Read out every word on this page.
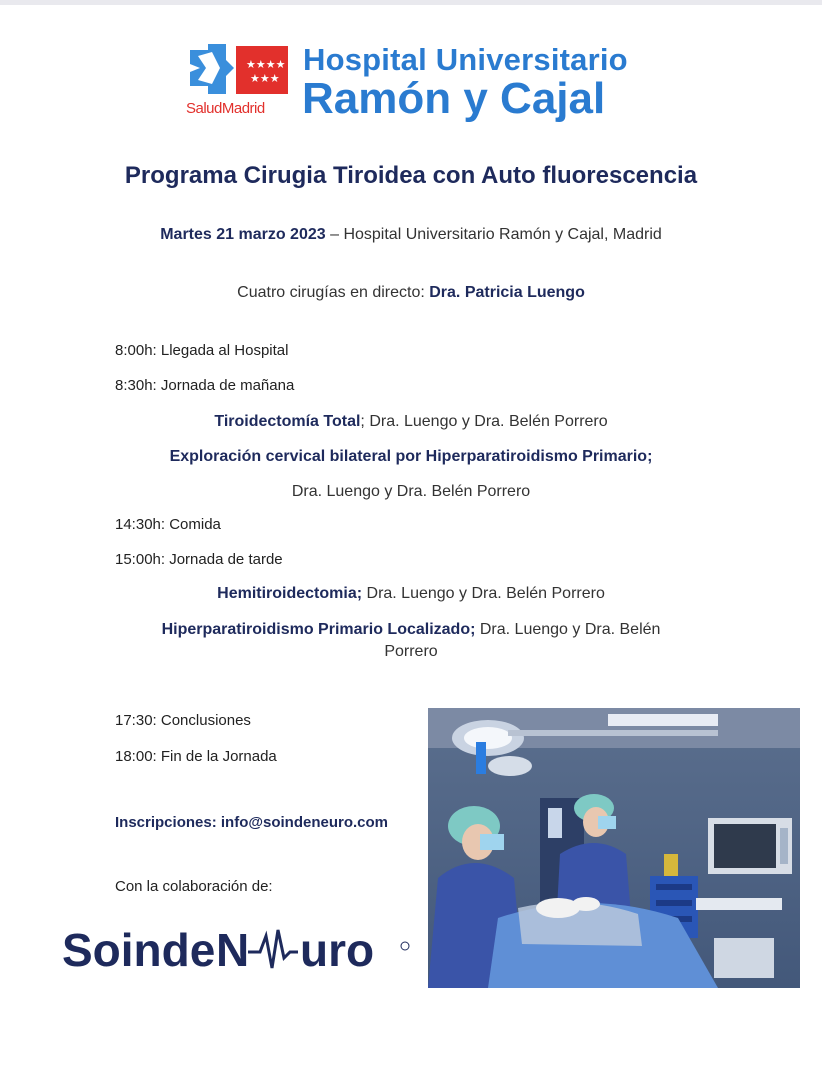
★★★★
★★★
SaludMadrid
Hospital Universitario
Ramón y Cajal
Programa Cirugia Tiroidea con Auto fluorescencia
Martes 21 marzo 2023 – Hospital Universitario Ramón y Cajal, Madrid
Cuatro cirugías en directo: Dra. Patricia Luengo
8:00h: Llegada al Hospital
8:30h: Jornada de mañana
Tiroidectomía Total; Dra. Luengo y Dra. Belén Porrero
Exploración cervical bilateral por Hiperparatiroidismo Primario;
Dra. Luengo y Dra. Belén Porrero
14:30h: Comida
15:00h: Jornada de tarde
Hemitiroidectomia; Dra. Luengo y Dra. Belén Porrero
Hiperparatiroidismo Primario Localizado; Dra. Luengo y Dra. Belén
Porrero
17:30: Conclusiones
18:00: Fin de la Jornada
Inscripciones: info@soindeneuro.com
Con la colaboración de:
Soinde N uro
